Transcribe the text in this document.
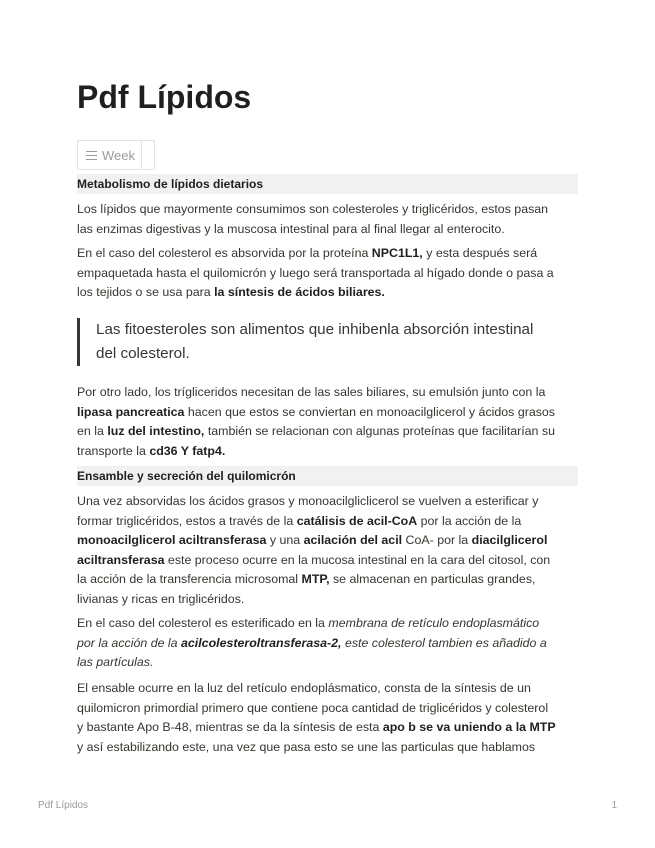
Pdf Lípidos
Week
Metabolismo de lípidos dietarios

Los lípidos que mayormente consumimos son colesteroles y triglicéridos, estos pasan

las enzimas digestivas y la muscosa intestinal para al final llegar al enterocito.

En el caso del colesterol es absorvida por la proteína NPC1L1, y esta después será

empaquetada hasta el quilomicrón y luego será transportada al hígado donde o pasa a

los tejidos o se usa para la síntesis de ácidos biliares.

Las fitoesteroles son alimentos que inhibenla absorción intestinal

del colesterol.

Por otro lado, los trígliceridos necesitan de las sales biliares, su emulsión junto con la

lipasa pancreatica hacen que estos se conviertan en monoacilglicerol y ácidos grasos

en la luz del intestino, también se relacionan con algunas proteínas que facilitarían su

transporte la cd36 Y fatp4.

Ensamble y secreción del quilomicrón

Una vez absorvidas los ácidos grasos y monoacilgliclicerol se vuelven a esterificar y

formar triglicéridos, estos a través de la catálisis de acil-CoA por la acción de la

monoacilglicerol aciltransferasa y una acilación del acil CoA- por la diacilglicerol

aciltransferasa este proceso ocurre en la mucosa intestinal en la cara del citosol, con

la acción de la transferencia microsomal MTP, se almacenan en particulas grandes,

livianas y ricas en triglicéridos.

En el caso del colesterol es esterificado en la membrana de retículo endoplasmático

por la acción de la acilcolesteroltransferasa-2, este colesterol tambien es añadido a

las partículas.

El ensable ocurre en la luz del retículo endoplásmatico, consta de la síntesis de un

quilomicron primordial primero que contiene poca cantidad de triglicéridos y colesterol

y bastante Apo B-48, mientras se da la síntesis de esta apo b se va uniendo a la MTP

y así estabilizando este, una vez que pasa esto se une las particulas que hablamos

Pdf Lípidos	1
